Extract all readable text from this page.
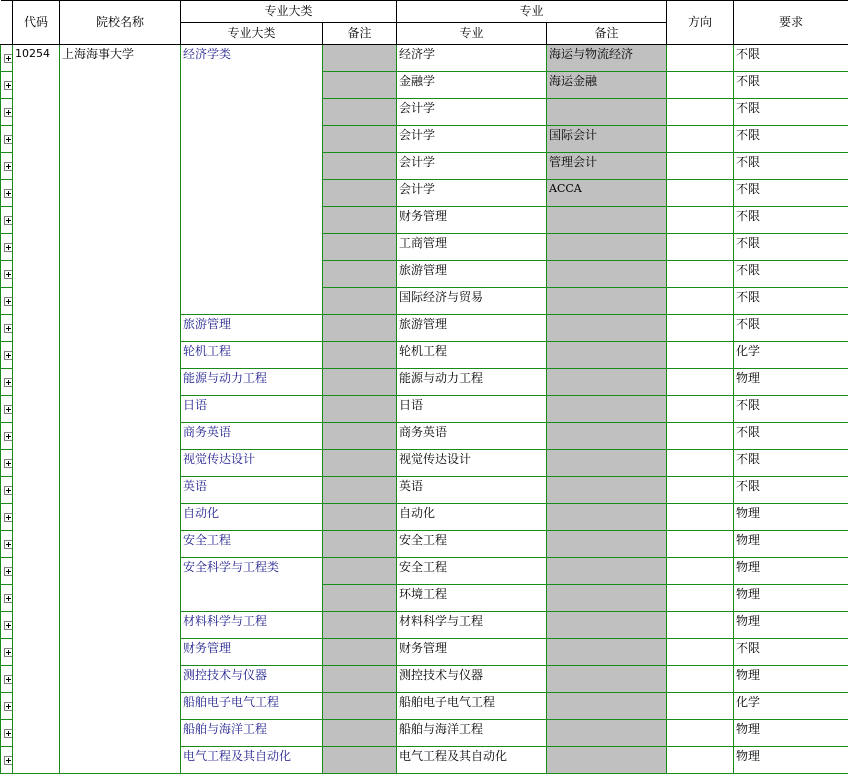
	代码	院校名称	专业大类		专业		方向	要求
			专业大类	备注	专业	备注		

	10254	上海海事大学	经济学类		经济学	海运与物流经济		不限

					金融学	海运金融		不限

					会计学			不限

					会计学	国际会计		不限

					会计学	管理会计		不限

					会计学	ACCA		不限

					财务管理			不限

					工商管理			不限

					旅游管理			不限

					国际经济与贸易			不限

			旅游管理		旅游管理			不限

			轮机工程		轮机工程			化学

			能源与动力工程		能源与动力工程			物理

			日语		日语			不限

			商务英语		商务英语			不限

			视觉传达设计		视觉传达设计			不限

			英语		英语			不限

			自动化		自动化			物理

			安全工程		安全工程			物理

			安全科学与工程类		安全工程			物理

					环境工程			物理

			材料科学与工程		材料科学与工程			物理

			财务管理		财务管理			不限

			测控技术与仪器		测控技术与仪器			物理

			船舶电子电气工程		船舶电子电气工程			化学

			船舶与海洋工程		船舶与海洋工程			物理

			电气工程及其自动化		电气工程及其自动化			物理
